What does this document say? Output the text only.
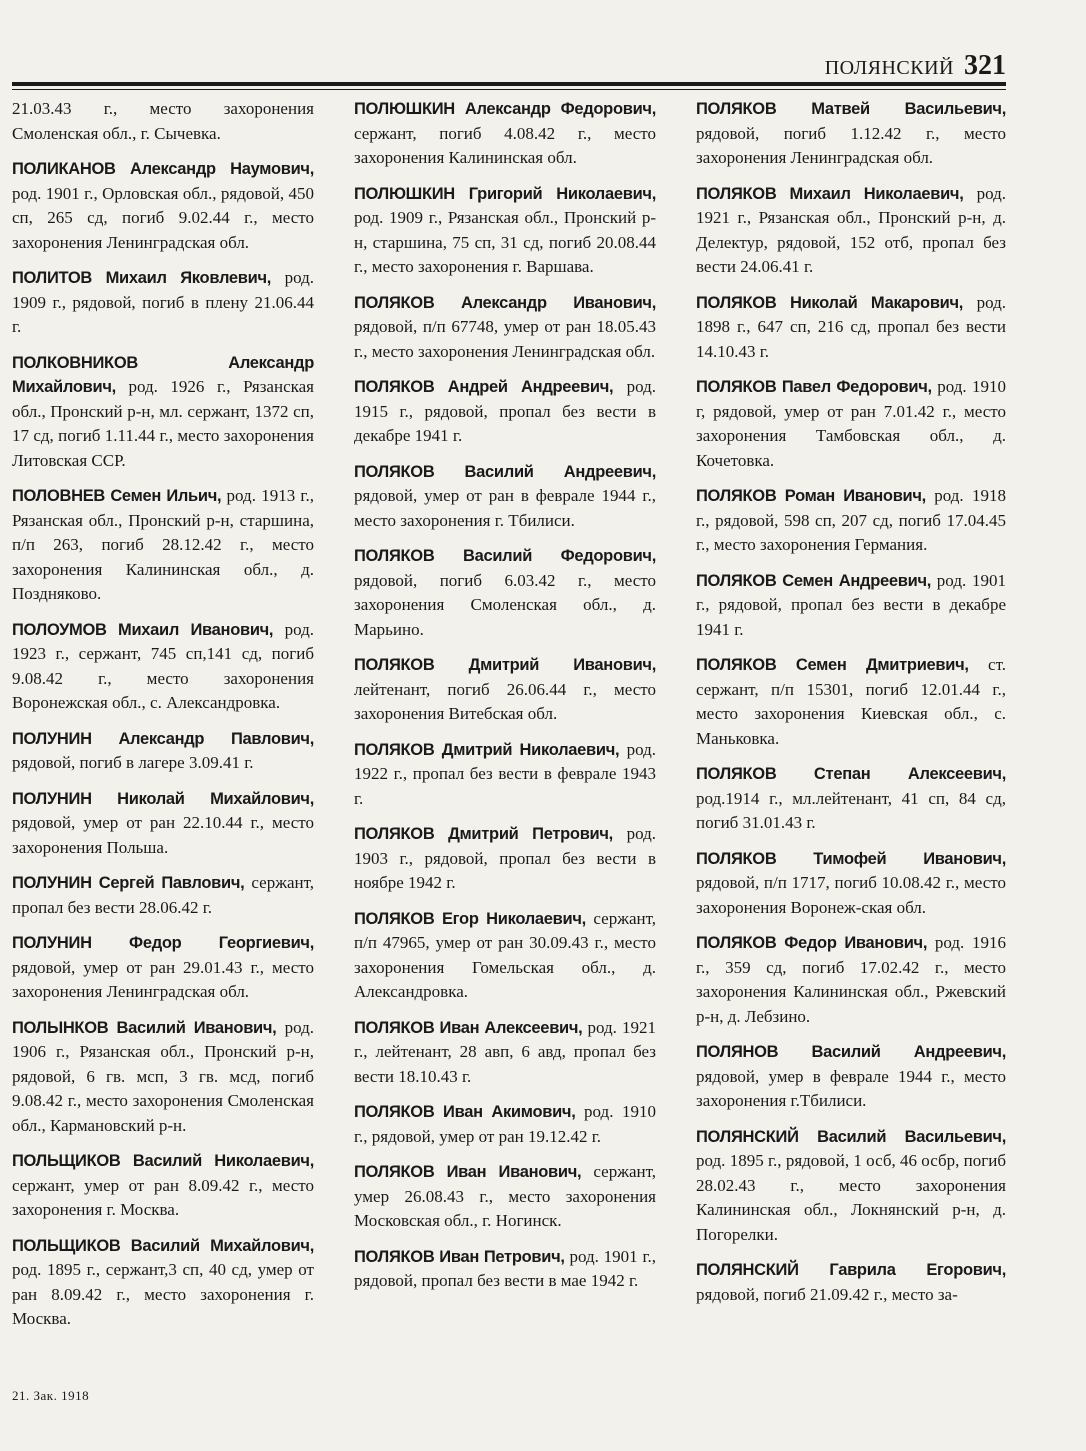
ПОЛЯНСКИЙ 321

21.03.43 г., место захоронения Смоленская обл., г. Сычевка.

ПОЛИКАНОВ Александр Наумович, род. 1901 г., Орловская обл., рядовой, 450 сп, 265 сд, погиб 9.02.44 г., место захоронения Ленинградская обл.

ПОЛИТОВ Михаил Яковлевич, род. 1909 г., рядовой, погиб в плену 21.06.44 г.

ПОЛКОВНИКОВ Александр Михайлович, род. 1926 г., Рязанская обл., Пронский р-н, мл. сержант, 1372 сп, 17 сд, погиб 1.11.44 г., место захоронения Литовская ССР.

ПОЛОВНЕВ Семен Ильич, род. 1913 г., Рязанская обл., Пронский р-н, старшина, п/п 263, погиб 28.12.42 г., место захоронения Калининская обл., д. Поздняково.

ПОЛОУМОВ Михаил Иванович, род. 1923 г., сержант, 745 сп,141 сд, погиб 9.08.42 г., место захоронения Воронежская обл., с. Александровка.

ПОЛУНИН Александр Павлович, рядовой, погиб в лагере 3.09.41 г.

ПОЛУНИН Николай Михайлович, рядовой, умер от ран 22.10.44 г., место захоронения Польша.

ПОЛУНИН Сергей Павлович, сержант, пропал без вести 28.06.42 г.

ПОЛУНИН Федор Георгиевич, рядовой, умер от ран 29.01.43 г., место захоронения Ленинградская обл.

ПОЛЫНКОВ Василий Иванович, род. 1906 г., Рязанская обл., Пронский р-н, рядовой, 6 гв. мсп, 3 гв. мсд, погиб 9.08.42 г., место захоронения Смоленская обл., Кармановский р-н.

ПОЛЬЩИКОВ Василий Николаевич, сержант, умер от ран 8.09.42 г., место захоронения г. Москва.

ПОЛЬЩИКОВ Василий Михайлович, род. 1895 г., сержант,3 сп, 40 сд, умер от ран 8.09.42 г., место захоронения г. Москва.

ПОЛЮШКИН Александр Федорович, сержант, погиб 4.08.42 г., место захоронения Калининская обл.

ПОЛЮШКИН Григорий Николаевич, род. 1909 г., Рязанская обл., Пронский р-н, старшина, 75 сп, 31 сд, погиб 20.08.44 г., место захоронения г. Варшава.

ПОЛЯКОВ Александр Иванович, рядовой, п/п 67748, умер от ран 18.05.43 г., место захоронения Ленинградская обл.

ПОЛЯКОВ Андрей Андреевич, род. 1915 г., рядовой, пропал без вести в декабре 1941 г.

ПОЛЯКОВ Василий Андреевич, рядовой, умер от ран в феврале 1944 г., место захоронения г. Тбилиси.

ПОЛЯКОВ Василий Федорович, рядовой, погиб 6.03.42 г., место захоронения Смоленская обл., д. Марьино.

ПОЛЯКОВ Дмитрий Иванович, лейтенант, погиб 26.06.44 г., место захоронения Витебская обл.

ПОЛЯКОВ Дмитрий Николаевич, род. 1922 г., пропал без вести в феврале 1943 г.

ПОЛЯКОВ Дмитрий Петрович, род. 1903 г., рядовой, пропал без вести в ноябре 1942 г.

ПОЛЯКОВ Егор Николаевич, сержант, п/п 47965, умер от ран 30.09.43 г., место захоронения Гомельская обл., д. Александровка.

ПОЛЯКОВ Иван Алексеевич, род. 1921 г., лейтенант, 28 авп, 6 авд, пропал без вести 18.10.43 г.

ПОЛЯКОВ Иван Акимович, род. 1910 г., рядовой, умер от ран 19.12.42 г.

ПОЛЯКОВ Иван Иванович, сержант, умер 26.08.43 г., место захоронения Московская обл., г. Ногинск.

ПОЛЯКОВ Иван Петрович, род. 1901 г., рядовой, пропал без вести в мае 1942 г.

ПОЛЯКОВ Матвей Васильевич, рядовой, погиб 1.12.42 г., место захоронения Ленинградская обл.

ПОЛЯКОВ Михаил Николаевич, род. 1921 г., Рязанская обл., Пронский р-н, д. Делектур, рядовой, 152 отб, пропал без вести 24.06.41 г.

ПОЛЯКОВ Николай Макарович, род. 1898 г., 647 сп, 216 сд, пропал без вести 14.10.43 г.

ПОЛЯКОВ Павел Федорович, род. 1910 г, рядовой, умер от ран 7.01.42 г., место захоронения Тамбовская обл., д. Кочетовка.

ПОЛЯКОВ Роман Иванович, род. 1918 г., рядовой, 598 сп, 207 сд, погиб 17.04.45 г., место захоронения Германия.

ПОЛЯКОВ Семен Андреевич, род. 1901 г., рядовой, пропал без вести в декабре 1941 г.

ПОЛЯКОВ Семен Дмитриевич, ст. сержант, п/п 15301, погиб 12.01.44 г., место захоронения Киевская обл., с. Маньковка.

ПОЛЯКОВ Степан Алексеевич, род.1914 г., мл.лейтенант, 41 сп, 84 сд, погиб 31.01.43 г.

ПОЛЯКОВ Тимофей Иванович, рядовой, п/п 1717, погиб 10.08.42 г., место захоронения Воронеж-ская обл.

ПОЛЯКОВ Федор Иванович, род. 1916 г., 359 сд, погиб 17.02.42 г., место захоронения Калининская обл., Ржевский р-н, д. Лебзино.

ПОЛЯНОВ Василий Андреевич, рядовой, умер в феврале 1944 г., место захоронения г.Тбилиси.

ПОЛЯНСКИЙ Василий Васильевич, род. 1895 г., рядовой, 1 осб, 46 осбр, погиб 28.02.43 г., место захоронения Калининская обл., Локнянский р-н, д. Погорелки.

ПОЛЯНСКИЙ Гаврила Егорович, рядовой, погиб 21.09.42 г., место за-

21. Зак. 1918
